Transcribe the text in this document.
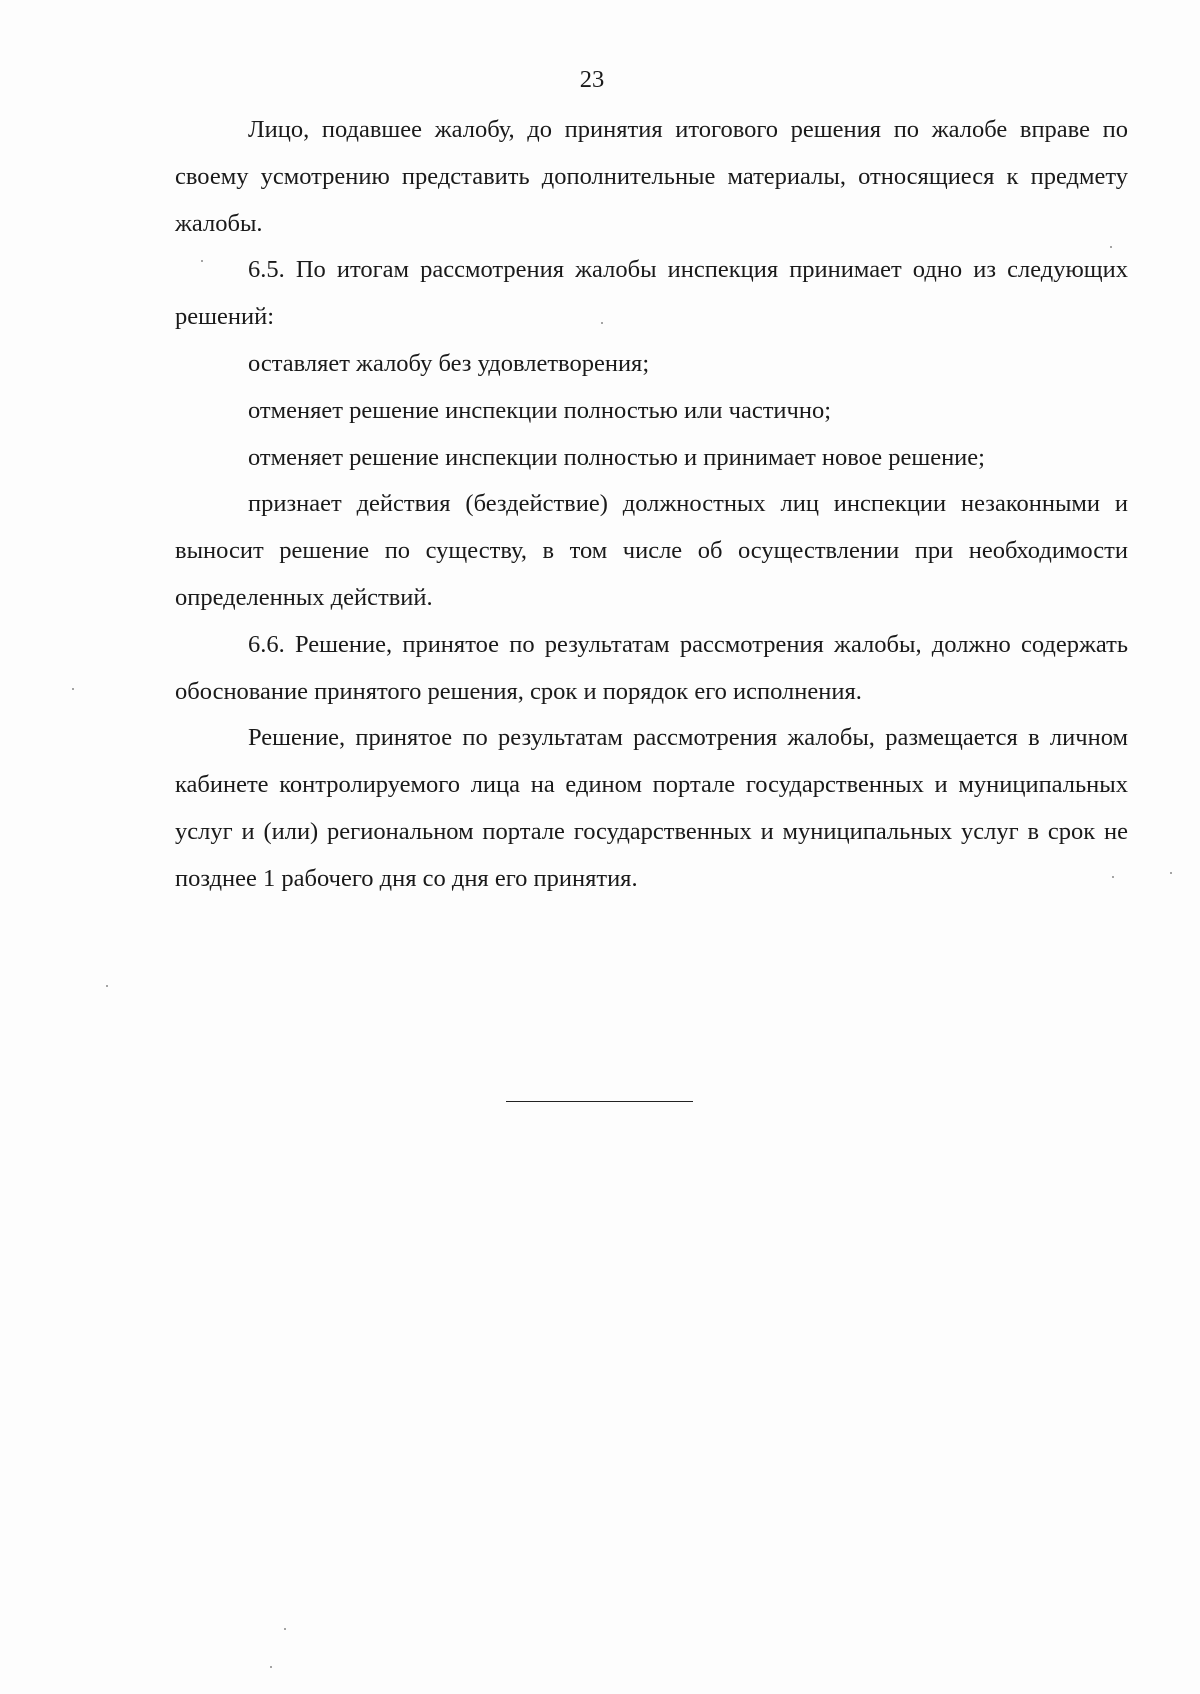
23

Лицо, подавшее жалобу, до принятия итогового решения по жалобе вправе по своему усмотрению представить дополнительные материалы, относящиеся к предмету жалобы.

6.5. По итогам рассмотрения жалобы инспекция принимает одно из следующих решений:

оставляет жалобу без удовлетворения;

отменяет решение инспекции полностью или частично;

отменяет решение инспекции полностью и принимает новое решение;

признает действия (бездействие) должностных лиц инспекции незаконными и выносит решение по существу, в том числе об осуществлении при необходимости определенных действий.

6.6. Решение, принятое по результатам рассмотрения жалобы, должно содержать обоснование принятого решения, срок и порядок его исполнения.

Решение, принятое по результатам рассмотрения жалобы, размещается в личном кабинете контролируемого лица на едином портале государственных и муниципальных услуг и (или) региональном портале государственных и муниципальных услуг в срок не позднее 1 рабочего дня со дня его принятия.
